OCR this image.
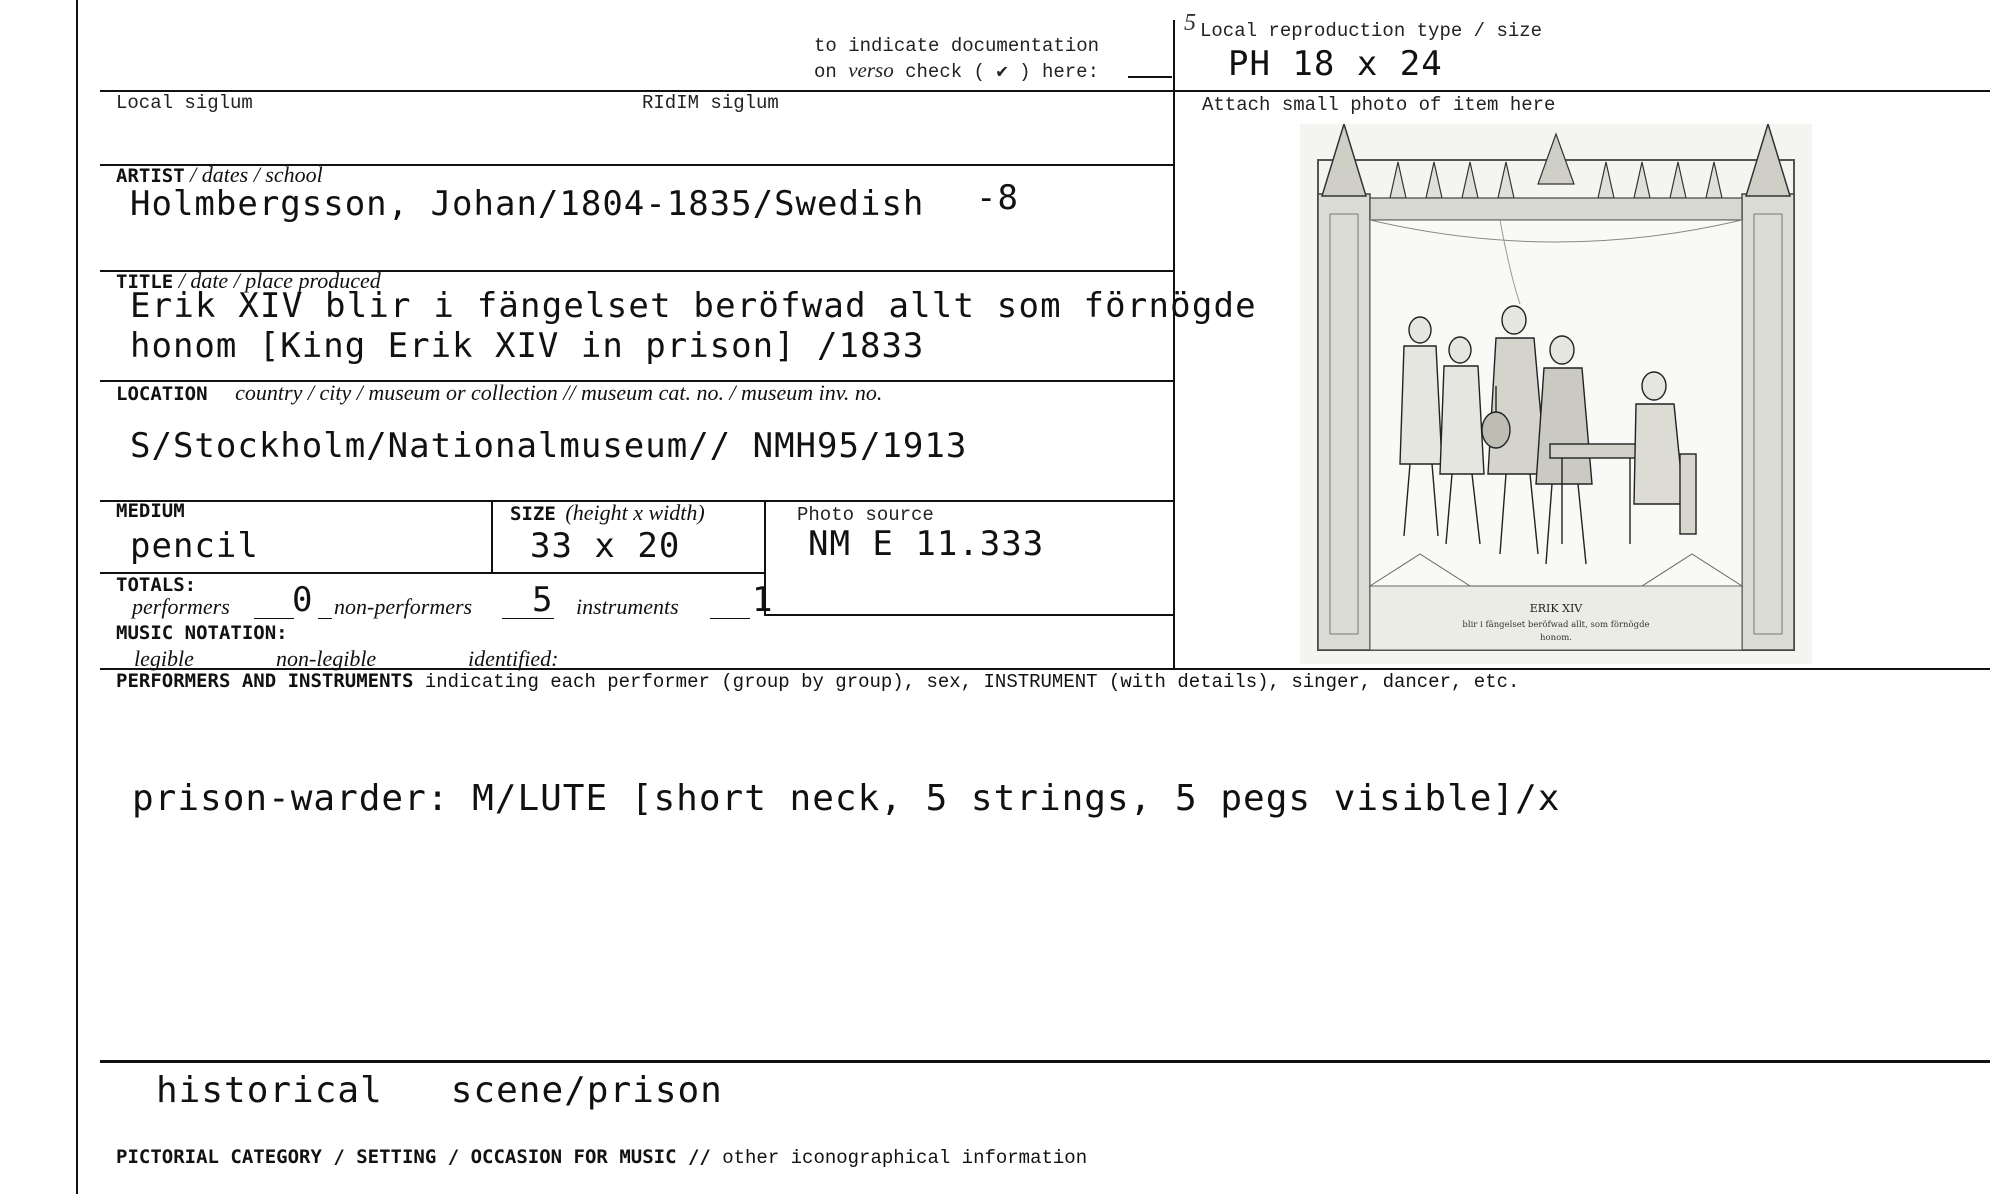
to indicate documentation
on verso check ( ✔ ) here:
5 Local reproduction type / size
PH 18 x 24
Local siglum	RIdIM siglum	Attach small photo of item here
ARTIST / dates / school
Holmbergsson, Johan/1804-1835/Swedish -8
TITLE / date / place produced
Erik XIV blir i fängelset beröfwad allt som förnögde
honom [King Erik XIV in prison] /1833
LOCATION country / city / museum or collection // museum cat. no. / museum inv. no.
S/Stockholm/Nationalmuseum// NMH95/1913
MEDIUM
pencil
SIZE (height x width)
33 x 20
Photo source
NM E 11.333
TOTALS:
performers 0 non-performers 5 instruments 1
MUSIC NOTATION:
legible	non-legible	identified:
PERFORMERS AND INSTRUMENTS indicating each performer (group by group), sex, INSTRUMENT (with details), singer, dancer, etc.
prison-warder: M/LUTE [short neck, 5 strings, 5 pegs visible]/x
historical   scene/prison
PICTORIAL CATEGORY / SETTING / OCCASION FOR MUSIC // other iconographical information
ERIK XIV
blir i fängelset beröfwad allt, som förnögde
honom.
